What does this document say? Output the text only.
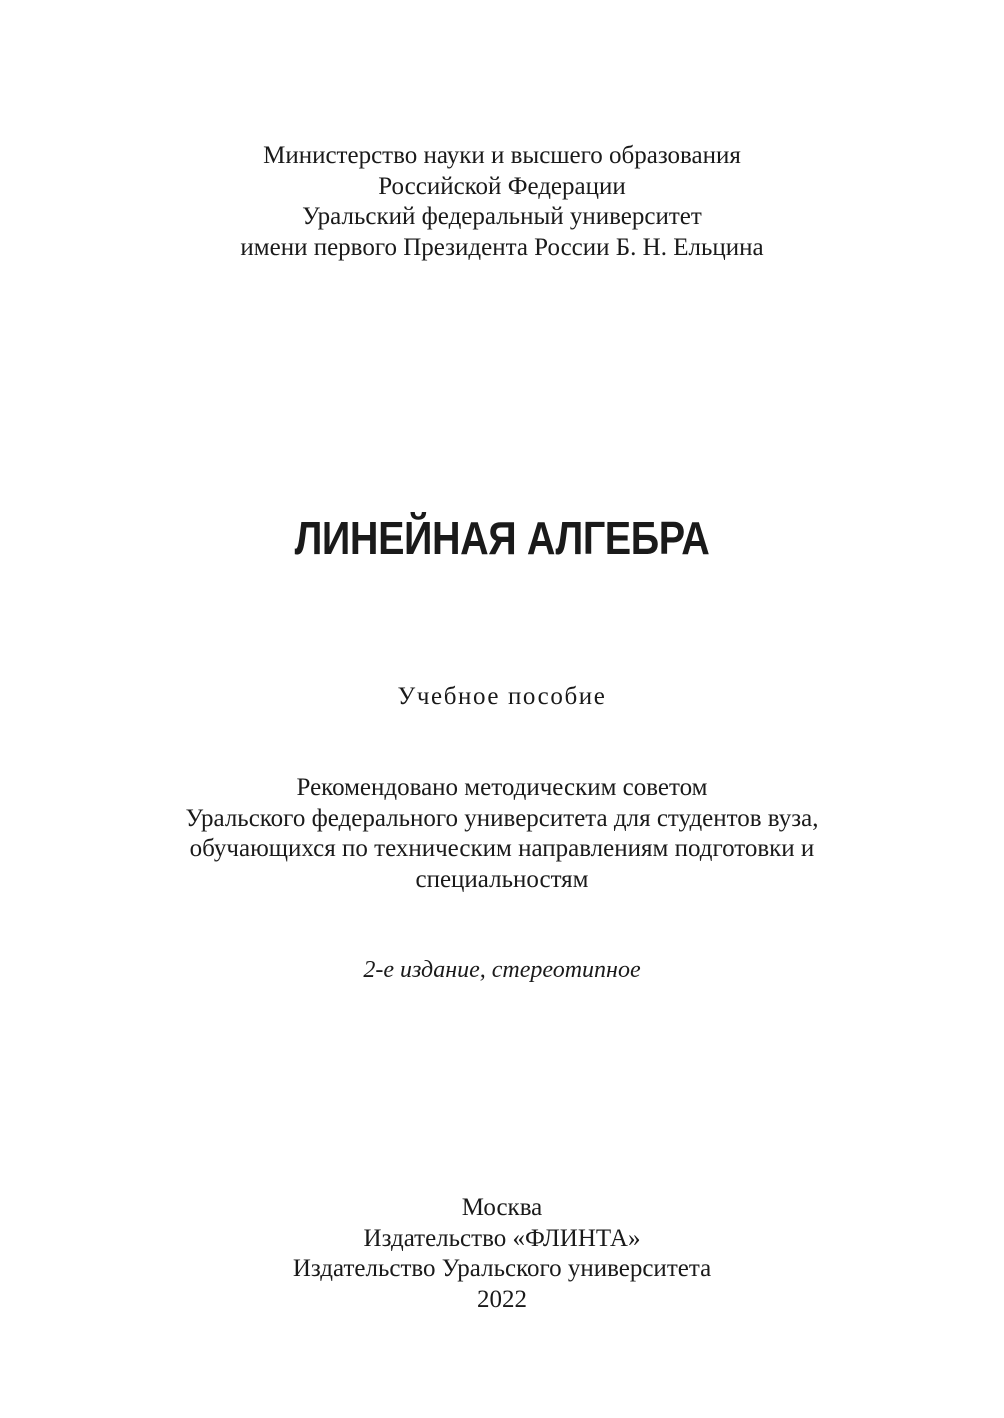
Министерство науки и высшего образования
Российской Федерации
Уральский федеральный университет
имени первого Президента России Б. Н. Ельцина
ЛИНЕЙНАЯ АЛГЕБРА
Учебное пособие
Рекомендовано методическим советом
Уральского федерального университета для студентов вуза,
обучающихся по техническим направлениям подготовки и
специальностям
2-е издание, стереотипное
Москва
Издательство «ФЛИНТА»
Издательство Уральского университета
2022
